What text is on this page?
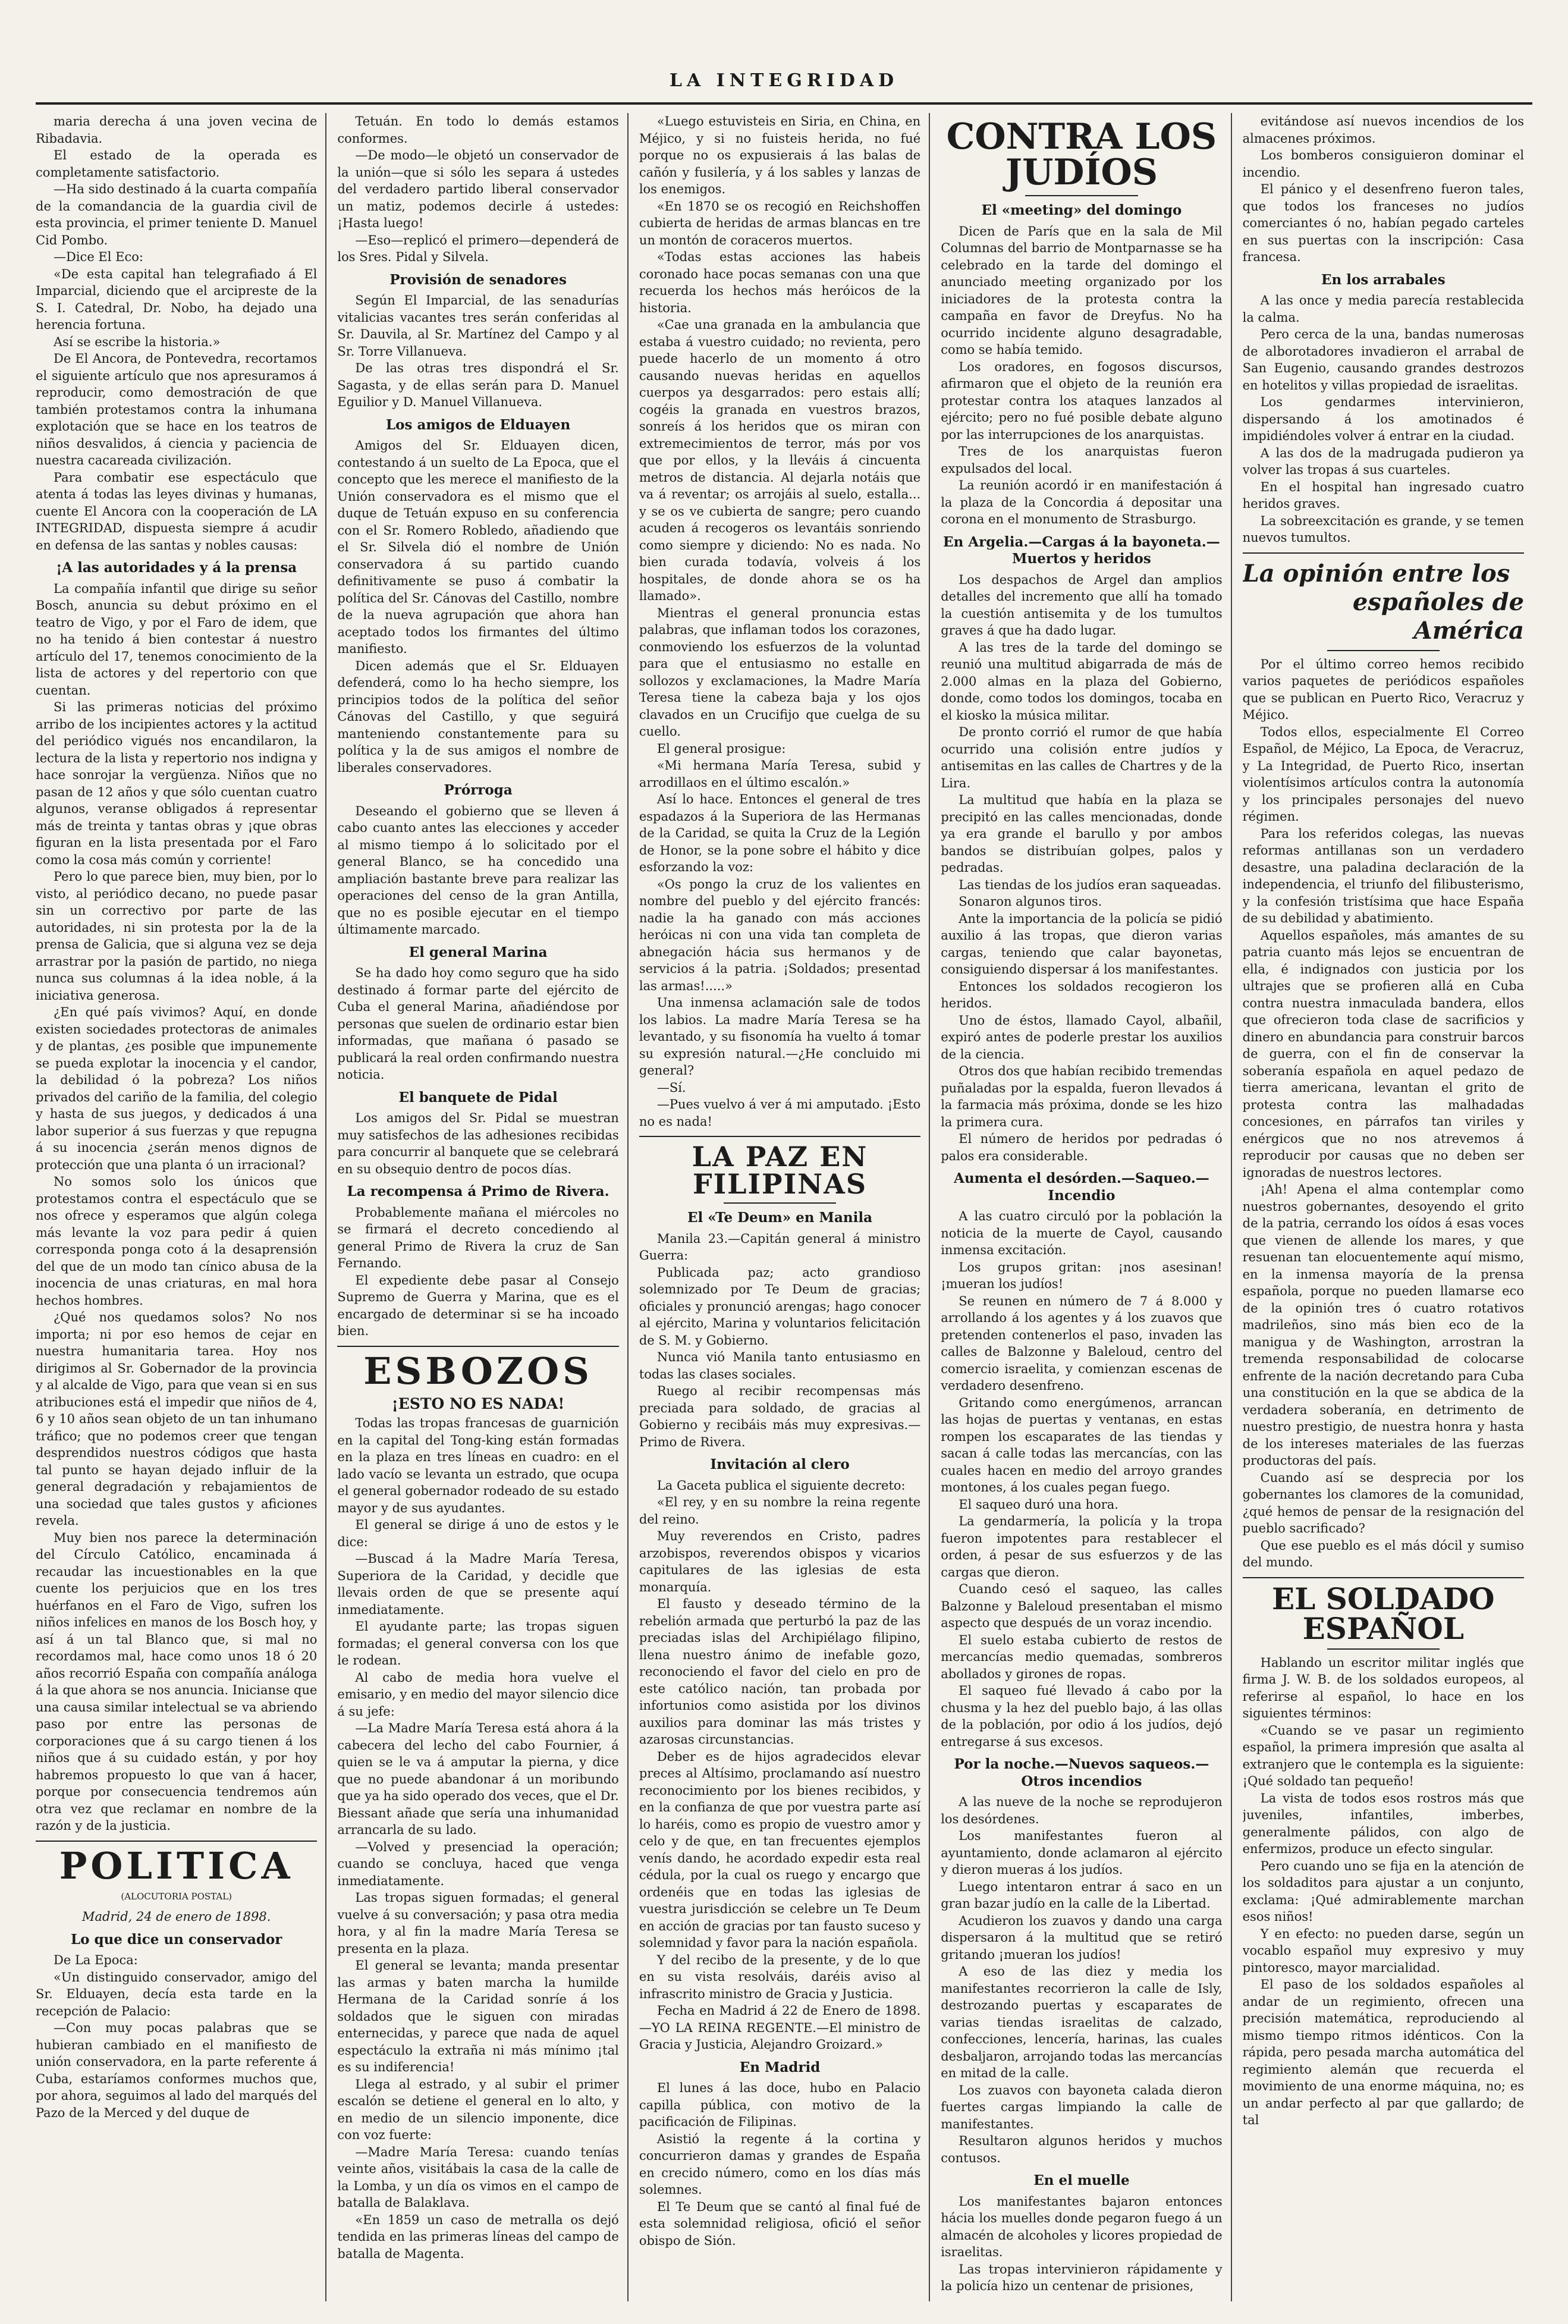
LA INTEGRIDAD

maria derecha á una joven vecina de Ribadavia.

El estado de la operada es completamente satisfactorio.

—Ha sido destinado á la cuarta compañía de la comandancia de la guardia civil de esta provincia, el primer teniente D. Manuel Cid Pombo.

—Dice El Eco:

«De esta capital han telegrafiado á El Imparcial, diciendo que el arcipreste de la S. I. Catedral, Dr. Nobo, ha dejado una herencia fortuna.

Así se escribe la historia.»

De El Ancora, de Pontevedra, recortamos el siguiente artículo que nos apresuramos á reproducir, como demostración de que también protestamos contra la inhumana explotación que se hace en los teatros de niños desvalidos, á ciencia y paciencia de nuestra cacareada civilización.

Para combatir ese espectáculo que atenta á todas las leyes divinas y humanas, cuente El Ancora con la cooperación de LA INTEGRIDAD, dispuesta siempre á acudir en defensa de las santas y nobles causas:

¡A las autoridades y á la prensa

La compañía infantil que dirige su señor Bosch, anuncia su debut próximo en el teatro de Vigo, y por el Faro de idem, que no ha tenido á bien contestar á nuestro artículo del 17, tenemos conocimiento de la lista de actores y del repertorio con que cuentan.

Si las primeras noticias del próximo arribo de los incipientes actores y la actitud del periódico vigués nos encandilaron, la lectura de la lista y repertorio nos indigna y hace sonrojar la vergüenza. Niños que no pasan de 12 años y que sólo cuentan cuatro algunos, veranse obligados á representar más de treinta y tantas obras y ¡que obras figuran en la lista presentada por el Faro como la cosa más común y corriente!

Pero lo que parece bien, muy bien, por lo visto, al periódico decano, no puede pasar sin un correctivo por parte de las autoridades, ni sin protesta por la de la prensa de Galicia, que si alguna vez se deja arrastrar por la pasión de partido, no niega nunca sus columnas á la idea noble, á la iniciativa generosa.

¿En qué país vivimos? Aquí, en donde existen sociedades protectoras de animales y de plantas, ¿es posible que impunemente se pueda explotar la inocencia y el candor, la debilidad ó la pobreza? Los niños privados del cariño de la familia, del colegio y hasta de sus juegos, y dedicados á una labor superior á sus fuerzas y que repugna á su inocencia ¿serán menos dignos de protección que una planta ó un irracional?

No somos solo los únicos que protestamos contra el espectáculo que se nos ofrece y esperamos que algún colega más levante la voz para pedir á quien corresponda ponga coto á la desaprensión del que de un modo tan cínico abusa de la inocencia de unas criaturas, en mal hora hechos hombres.

¿Qué nos quedamos solos? No nos importa; ni por eso hemos de cejar en nuestra humanitaria tarea. Hoy nos dirigimos al Sr. Gobernador de la provincia y al alcalde de Vigo, para que vean si en sus atribuciones está el impedir que niños de 4, 6 y 10 años sean objeto de un tan inhumano tráfico; que no podemos creer que tengan desprendidos nuestros códigos que hasta tal punto se hayan dejado influir de la general degradación y rebajamientos de una sociedad que tales gustos y aficiones revela.

Muy bien nos parece la determinación del Círculo Católico, encaminada á recaudar las incuestionables en la que cuente los perjuicios que en los tres huérfanos en el Faro de Vigo, sufren los niños infelices en manos de los Bosch hoy, y así á un tal Blanco que, si mal no recordamos mal, hace como unos 18 ó 20 años recorrió España con compañía análoga á la que ahora se nos anuncia. Inicianse que una causa similar intelectual se va abriendo paso por entre las personas de corporaciones que á su cargo tienen á los niños que á su cuidado están, y por hoy habremos propuesto lo que van á hacer, porque por consecuencia tendremos aún otra vez que reclamar en nombre de la razón y de la justicia.

POLITICA
(ALOCUTORIA POSTAL)
Madrid, 24 de enero de 1898.
Lo que dice un conservador

De La Epoca:

«Un distinguido conservador, amigo del Sr. Elduayen, decía esta tarde en la recepción de Palacio:

—Con muy pocas palabras que se hubieran cambiado en el manifiesto de unión conservadora, en la parte referente á Cuba, estaríamos conformes muchos que, por ahora, seguimos al lado del marqués del Pazo de la Merced y del duque de

Tetuán. En todo lo demás estamos conformes.

—De modo—le objetó un conservador de la unión—que si sólo les separa á ustedes del verdadero partido liberal conservador un matiz, podemos decirle á ustedes: ¡Hasta luego!

—Eso—replicó el primero—dependerá de los Sres. Pidal y Silvela.

Provisión de senadores

Según El Imparcial, de las senadurías vitalicias vacantes tres serán conferidas al Sr. Dauvila, al Sr. Martínez del Campo y al Sr. Torre Villanueva.

De las otras tres dispondrá el Sr. Sagasta, y de ellas serán para D. Manuel Eguilior y D. Manuel Villanueva.

Los amigos de Elduayen

Amigos del Sr. Elduayen dicen, contestando á un suelto de La Epoca, que el concepto que les merece el manifiesto de la Unión conservadora es el mismo que el duque de Tetuán expuso en su conferencia con el Sr. Romero Robledo, añadiendo que el Sr. Silvela dió el nombre de Unión conservadora á su partido cuando definitivamente se puso á combatir la política del Sr. Cánovas del Castillo, nombre de la nueva agrupación que ahora han aceptado todos los firmantes del último manifiesto.

Dicen además que el Sr. Elduayen defenderá, como lo ha hecho siempre, los principios todos de la política del señor Cánovas del Castillo, y que seguirá manteniendo constantemente para su política y la de sus amigos el nombre de liberales conservadores.

Prórroga

Deseando el gobierno que se lleven á cabo cuanto antes las elecciones y acceder al mismo tiempo á lo solicitado por el general Blanco, se ha concedido una ampliación bastante breve para realizar las operaciones del censo de la gran Antilla, que no es posible ejecutar en el tiempo últimamente marcado.

El general Marina

Se ha dado hoy como seguro que ha sido destinado á formar parte del ejército de Cuba el general Marina, añadiéndose por personas que suelen de ordinario estar bien informadas, que mañana ó pasado se publicará la real orden confirmando nuestra noticia.

El banquete de Pidal

Los amigos del Sr. Pidal se muestran muy satisfechos de las adhesiones recibidas para concurrir al banquete que se celebrará en su obsequio dentro de pocos días.

La recompensa á Primo de Rivera.

Probablemente mañana el miércoles no se firmará el decreto concediendo al general Primo de Rivera la cruz de San Fernando.

El expediente debe pasar al Consejo Supremo de Guerra y Marina, que es el encargado de determinar si se ha incoado bien.

ESBOZOS
¡ESTO NO ES NADA!

Todas las tropas francesas de guarnición en la capital del Tong-king están formadas en la plaza en tres líneas en cuadro: en el lado vacío se levanta un estrado, que ocupa el general gobernador rodeado de su estado mayor y de sus ayudantes.

El general se dirige á uno de estos y le dice:

—Buscad á la Madre María Teresa, Superiora de la Caridad, y decidle que llevais orden de que se presente aquí inmediatamente.

El ayudante parte; las tropas siguen formadas; el general conversa con los que le rodean.

Al cabo de media hora vuelve el emisario, y en medio del mayor silencio dice á su jefe:

—La Madre María Teresa está ahora á la cabecera del lecho del cabo Fournier, á quien se le va á amputar la pierna, y dice que no puede abandonar á un moribundo que ya ha sido operado dos veces, que el Dr. Biessant añade que sería una inhumanidad arrancarla de su lado.

—Volved y presenciad la operación; cuando se concluya, haced que venga inmediatamente.

Las tropas siguen formadas; el general vuelve á su conversación; y pasa otra media hora, y al fin la madre María Teresa se presenta en la plaza.

El general se levanta; manda presentar las armas y baten marcha la humilde Hermana de la Caridad sonríe á los soldados que le siguen con miradas enternecidas, y parece que nada de aquel espectáculo la extraña ni más mínimo ¡tal es su indiferencia!

Llega al estrado, y al subir el primer escalón se detiene el general en lo alto, y en medio de un silencio imponente, dice con voz fuerte:

—Madre María Teresa: cuando tenías veinte años, visitábais la casa de la calle de la Lomba, y un día os vimos en el campo de batalla de Balaklava.

«En 1859 un caso de metralla os dejó tendida en las primeras líneas del campo de batalla de Magenta.

«Luego estuvisteis en Siria, en China, en Méjico, y si no fuisteis herida, no fué porque no os expusierais á las balas de cañón y fusilería, y á los sables y lanzas de los enemigos.

«En 1870 se os recogió en Reichshoffen cubierta de heridas de armas blancas en tre un montón de coraceros muertos.

«Todas estas acciones las habeis coronado hace pocas semanas con una que recuerda los hechos más heróicos de la historia.

«Cae una granada en la ambulancia que estaba á vuestro cuidado; no revienta, pero puede hacerlo de un momento á otro causando nuevas heridas en aquellos cuerpos ya desgarrados: pero estais allí; cogéis la granada en vuestros brazos, sonreís á los heridos que os miran con extremecimientos de terror, más por vos que por ellos, y la lleváis á cincuenta metros de distancia. Al dejarla notáis que va á reventar; os arrojáis al suelo, estalla... y se os ve cubierta de sangre; pero cuando acuden á recogeros os levantáis sonriendo como siempre y diciendo: No es nada. No bien curada todavía, volveis á los hospitales, de donde ahora se os ha llamado».

Mientras el general pronuncia estas palabras, que inflaman todos los corazones, conmoviendo los esfuerzos de la voluntad para que el entusiasmo no estalle en sollozos y exclamaciones, la Madre María Teresa tiene la cabeza baja y los ojos clavados en un Crucifijo que cuelga de su cuello.

El general prosigue:

«Mi hermana María Teresa, subid y arrodillaos en el último escalón.»

Así lo hace. Entonces el general de tres espadazos á la Superiora de las Hermanas de la Caridad, se quita la Cruz de la Legión de Honor, se la pone sobre el hábito y dice esforzando la voz:

«Os pongo la cruz de los valientes en nombre del pueblo y del ejército francés: nadie la ha ganado con más acciones heróicas ni con una vida tan completa de abnegación hácia sus hermanos y de servicios á la patria. ¡Soldados; presentad las armas!.....»

Una inmensa aclamación sale de todos los labios. La madre María Teresa se ha levantado, y su fisonomía ha vuelto á tomar su expresión natural.—¿He concluido mi general?

—Sí.

—Pues vuelvo á ver á mi amputado. ¡Esto no es nada!

LA PAZ EN FILIPINAS
El «Te Deum» en Manila

Manila 23.—Capitán general á ministro Guerra:

Publicada paz; acto grandioso solemnizado por Te Deum de gracias; oficiales y pronunció arengas; hago conocer al ejército, Marina y voluntarios felicitación de S. M. y Gobierno.

Nunca vió Manila tanto entusiasmo en todas las clases sociales.

Ruego al recibir recompensas más preciada para soldado, de gracias al Gobierno y recibáis más muy expresivas.—Primo de Rivera.

Invitación al clero

La Gaceta publica el siguiente decreto:

«El rey, y en su nombre la reina regente del reino.

Muy reverendos en Cristo, padres arzobispos, reverendos obispos y vicarios capitulares de las iglesias de esta monarquía.

El fausto y deseado término de la rebelión armada que perturbó la paz de las preciadas islas del Archipiélago filipino, llena nuestro ánimo de inefable gozo, reconociendo el favor del cielo en pro de este católico nación, tan probada por infortunios como asistida por los divinos auxilios para dominar las más tristes y azarosas circunstancias.

Deber es de hijos agradecidos elevar preces al Altísimo, proclamando así nuestro reconocimiento por los bienes recibidos, y en la confianza de que por vuestra parte así lo haréis, como es propio de vuestro amor y celo y de que, en tan frecuentes ejemplos venís dando, he acordado expedir esta real cédula, por la cual os ruego y encargo que ordenéis que en todas las iglesias de vuestra jurisdicción se celebre un Te Deum en acción de gracias por tan fausto suceso y solemnidad y favor para la nación española.

Y del recibo de la presente, y de lo que en su vista resolváis, daréis aviso al infrascrito ministro de Gracia y Justicia.

Fecha en Madrid á 22 de Enero de 1898.—YO LA REINA REGENTE.—El ministro de Gracia y Justicia, Alejandro Groizard.»

En Madrid

El lunes á las doce, hubo en Palacio capilla pública, con motivo de la pacificación de Filipinas.

Asistió la regente á la cortina y concurrieron damas y grandes de España en crecido número, como en los días más solemnes.

El Te Deum que se cantó al final fué de esta solemnidad religiosa, ofició el señor obispo de Sión.

CONTRA LOS JUDÍOS
El «meeting» del domingo

Dicen de París que en la sala de Mil Columnas del barrio de Montparnasse se ha celebrado en la tarde del domingo el anunciado meeting organizado por los iniciadores de la protesta contra la campaña en favor de Dreyfus. No ha ocurrido incidente alguno desagradable, como se había temido.

Los oradores, en fogosos discursos, afirmaron que el objeto de la reunión era protestar contra los ataques lanzados al ejército; pero no fué posible debate alguno por las interrupciones de los anarquistas.

Tres de los anarquistas fueron expulsados del local.

La reunión acordó ir en manifestación á la plaza de la Concordia á depositar una corona en el monumento de Strasburgo.

En Argelia.—Cargas á la bayoneta.—Muertos y heridos

Los despachos de Argel dan amplios detalles del incremento que allí ha tomado la cuestión antisemita y de los tumultos graves á que ha dado lugar.

A las tres de la tarde del domingo se reunió una multitud abigarrada de más de 2.000 almas en la plaza del Gobierno, donde, como todos los domingos, tocaba en el kiosko la música militar.

De pronto corrió el rumor de que había ocurrido una colisión entre judíos y antisemitas en las calles de Chartres y de la Lira.

La multitud que había en la plaza se precipitó en las calles mencionadas, donde ya era grande el barullo y por ambos bandos se distribuían golpes, palos y pedradas.

Las tiendas de los judíos eran saqueadas.

Sonaron algunos tiros.

Ante la importancia de la policía se pidió auxilio á las tropas, que dieron varias cargas, teniendo que calar bayonetas, consiguiendo dispersar á los manifestantes.

Entonces los soldados recogieron los heridos.

Uno de éstos, llamado Cayol, albañil, expiró antes de poderle prestar los auxilios de la ciencia.

Otros dos que habían recibido tremendas puñaladas por la espalda, fueron llevados á la farmacia más próxima, donde se les hizo la primera cura.

El número de heridos por pedradas ó palos era considerable.

Aumenta el desórden.—Saqueo.—Incendio

A las cuatro circuló por la población la noticia de la muerte de Cayol, causando inmensa excitación.

Los grupos gritan: ¡nos asesinan! ¡mueran los judíos!

Se reunen en número de 7 á 8.000 y arrollando á los agentes y á los zuavos que pretenden contenerlos el paso, invaden las calles de Balzonne y Baleloud, centro del comercio israelita, y comienzan escenas de verdadero desenfreno.

Gritando como energúmenos, arrancan las hojas de puertas y ventanas, en estas rompen los escaparates de las tiendas y sacan á calle todas las mercancías, con las cuales hacen en medio del arroyo grandes montones, á los cuales pegan fuego.

El saqueo duró una hora.

La gendarmería, la policía y la tropa fueron impotentes para restablecer el orden, á pesar de sus esfuerzos y de las cargas que dieron.

Cuando cesó el saqueo, las calles Balzonne y Baleloud presentaban el mismo aspecto que después de un voraz incendio.

El suelo estaba cubierto de restos de mercancías medio quemadas, sombreros abollados y girones de ropas.

El saqueo fué llevado á cabo por la chusma y la hez del pueblo bajo, á las ollas de la población, por odio á los judíos, dejó entregarse á sus excesos.

Por la noche.—Nuevos saqueos.—Otros incendios

A las nueve de la noche se reprodujeron los desórdenes.

Los manifestantes fueron al ayuntamiento, donde aclamaron al ejército y dieron mueras á los judíos.

Luego intentaron entrar á saco en un gran bazar judío en la calle de la Libertad.

Acudieron los zuavos y dando una carga dispersaron á la multitud que se retiró gritando ¡mueran los judíos!

A eso de las diez y media los manifestantes recorrieron la calle de Isly, destrozando puertas y escaparates de varias tiendas israelitas de calzado, confecciones, lencería, harinas, las cuales desbaljaron, arrojando todas las mercancías en mitad de la calle.

Los zuavos con bayoneta calada dieron fuertes cargas limpiando la calle de manifestantes.

Resultaron algunos heridos y muchos contusos.

En el muelle

Los manifestantes bajaron entonces hácia los muelles donde pegaron fuego á un almacén de alcoholes y licores propiedad de israelitas.

Las tropas intervinieron rápidamente y la policía hizo un centenar de prisiones,

evitándose así nuevos incendios de los almacenes próximos.

Los bomberos consiguieron dominar el incendio.

El pánico y el desenfreno fueron tales, que todos los franceses no judíos comerciantes ó no, habían pegado carteles en sus puertas con la inscripción: Casa francesa.

En los arrabales

A las once y media parecía restablecida la calma.

Pero cerca de la una, bandas numerosas de alborotadores invadieron el arrabal de San Eugenio, causando grandes destrozos en hotelitos y villas propiedad de israelitas.

Los gendarmes intervinieron, dispersando á los amotinados é impidiéndoles volver á entrar en la ciudad.

A las dos de la madrugada pudieron ya volver las tropas á sus cuarteles.

En el hospital han ingresado cuatro heridos graves.

La sobreexcitación es grande, y se temen nuevos tumultos.

La opinión entre los
españoles de América

Por el último correo hemos recibido varios paquetes de periódicos españoles que se publican en Puerto Rico, Veracruz y Méjico.

Todos ellos, especialmente El Correo Español, de Méjico, La Epoca, de Veracruz, y La Integridad, de Puerto Rico, insertan violentísimos artículos contra la autonomía y los principales personajes del nuevo régimen.

Para los referidos colegas, las nuevas reformas antillanas son un verdadero desastre, una paladina declaración de la independencia, el triunfo del filibusterismo, y la confesión tristísima que hace España de su debilidad y abatimiento.

Aquellos españoles, más amantes de su patria cuanto más lejos se encuentran de ella, é indignados con justicia por los ultrajes que se profieren allá en Cuba contra nuestra inmaculada bandera, ellos que ofrecieron toda clase de sacrificios y dinero en abundancia para construir barcos de guerra, con el fin de conservar la soberanía española en aquel pedazo de tierra americana, levantan el grito de protesta contra las malhadadas concesiones, en párrafos tan viriles y enérgicos que no nos atrevemos á reproducir por causas que no deben ser ignoradas de nuestros lectores.

¡Ah! Apena el alma contemplar como nuestros gobernantes, desoyendo el grito de la patria, cerrando los oídos á esas voces que vienen de allende los mares, y que resuenan tan elocuentemente aquí mismo, en la inmensa mayoría de la prensa española, porque no pueden llamarse eco de la opinión tres ó cuatro rotativos madrileños, sino más bien eco de la manigua y de Washington, arrostran la tremenda responsabilidad de colocarse enfrente de la nación decretando para Cuba una constitución en la que se abdica de la verdadera soberanía, en detrimento de nuestro prestigio, de nuestra honra y hasta de los intereses materiales de las fuerzas productoras del país.

Cuando así se desprecia por los gobernantes los clamores de la comunidad, ¿qué hemos de pensar de la resignación del pueblo sacrificado?

Que ese pueblo es el más dócil y sumiso del mundo.

EL SOLDADO ESPAÑOL

Hablando un escritor militar inglés que firma J. W. B. de los soldados europeos, al referirse al español, lo hace en los siguientes términos:

«Cuando se ve pasar un regimiento español, la primera impresión que asalta al extranjero que le contempla es la siguiente: ¡Qué soldado tan pequeño!

La vista de todos esos rostros más que juveniles, infantiles, imberbes, generalmente pálidos, con algo de enfermizos, produce un efecto singular.

Pero cuando uno se fija en la atención de los soldaditos para ajustar a un conjunto, exclama: ¡Qué admirablemente marchan esos niños!

Y en efecto: no pueden darse, según un vocablo español muy expresivo y muy pintoresco, mayor marcialidad.

El paso de los soldados españoles al andar de un regimiento, ofrecen una precisión matemática, reproduciendo al mismo tiempo ritmos idénticos. Con la rápida, pero pesada marcha automática del regimiento alemán que recuerda el movimiento de una enorme máquina, no; es un andar perfecto al par que gallardo; de tal
